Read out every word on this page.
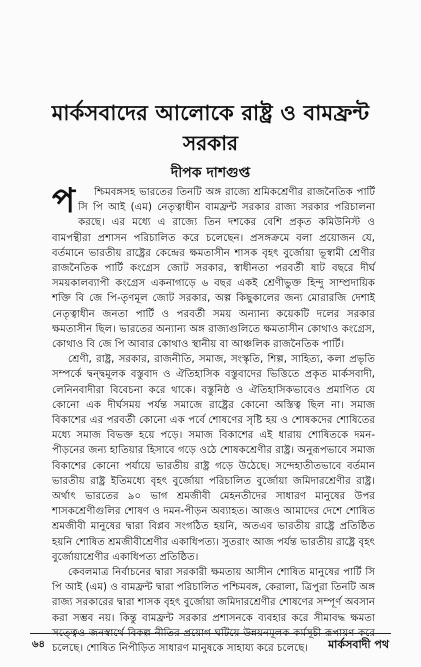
মার্কসবাদের আলোকে রাষ্ট্র ও বামফ্রন্ট
সরকার
দীপক দাশগুপ্ত

প শ্চিমবঙ্গসহ ভারতের তিনটি অঙ্গ রাজ্যে শ্রমিকশ্রেণীর রাজনৈতিক পার্টি সি পি আই (এম) নেতৃত্বাধীন বামফ্রন্ট সরকার রাজ্য সরকার পরিচালনা করছে। এর মধ্যে এ রাজ্যে তিন দশকের বেশি প্রকৃত কমিউনিস্ট ও বামপন্থীরা প্রশাসন পরিচালিত করে চলেছেন। প্রসঙ্গক্রমে বলা প্রয়োজন যে, বর্তমানে ভারতীয় রাষ্ট্রের কেন্দ্রের ক্ষমতাসীন শাসক বৃহৎ বুর্জোয়া ভূস্বামী শ্রেণীর রাজনৈতিক পার্টি কংগ্রেস জোট সরকার, স্বাধীনতা পরবর্তী ষাট বছরে দীর্ঘ সময়কালব্যাপী কংগ্রেস একনাগাড়ে ৬ বছর একই শ্রেণীভুক্ত হিন্দু সাম্প্রদায়িক শক্তি বি জে পি-তৃণমূল জোট সরকার, অল্প কিছুকালের জন্য মোরারজি দেশাই নেতৃত্বাধীন জনতা পার্টি ও পরবর্তী সময় অন্যান্য কয়েকটি দলের সরকার ক্ষমতাসীন ছিল। ভারতের অন্যান্য অঙ্গ রাজ্যগুলিতে ক্ষমতাসীন কোথাও কংগ্রেস, কোথাও বি জে পি আবার কোথাও স্থানীয় বা আঞ্চলিক রাজনৈতিক পার্টি।

শ্রেণী, রাষ্ট্র, সরকার, রাজনীতি, সমাজ, সংস্কৃতি, শিল্প, সাহিত্য, কলা প্রভৃতি সম্পর্কে দ্বন্দ্বমূলক বস্তুবাদ ও ঐতিহাসিক বস্তুবাদের ভিত্তিতে প্রকৃত মার্কসবাদী, লেনিনবাদীরা বিবেচনা করে থাকে। বস্তুনিষ্ঠ ও ঐতিহাসিকভাবেও প্রমাণিত যে কোনো এক দীর্ঘসময় পর্যন্ত সমাজে রাষ্ট্রের কোনো অস্তিত্ব ছিল না। সমাজ বিকাশের এর পরবর্তী কোনো এক পর্বে শোষণের সৃষ্টি হয় ও শোষকদের শোষিতের মধ্যে সমাজ বিভক্ত হয়ে পড়ে। সমাজ বিকাশের এই ধারায় শোষিতকে দমন-পীড়নের জন্য হাতিয়ার হিসাবে গড়ে ওঠে শোষকশ্রেণীর রাষ্ট্র। অনুরূপভাবে সমাজ বিকাশের কোনো পর্যায়ে ভারতীয় রাষ্ট্র গড়ে উঠেছে। সন্দেহাতীতভাবে বর্তমান ভারতীয় রাষ্ট্র ইতিমধ্যে বৃহৎ বুর্জোয়া পরিচালিত বুর্জোয়া জমিদারশ্রেণীর রাষ্ট্র। অর্থাৎ ভারতের ৯০ ভাগ শ্রমজীবী মেহনতীদের সাধারণ মানুষের উপর শাসকশ্রেণীগুলির শোষণ ও দমন-পীড়ন অব্যাহত। আজও আমাদের দেশে শোষিত শ্রমজীবী মানুষের দ্বারা বিপ্লব সংগঠিত হয়নি, অতএব ভারতীয় রাষ্ট্রে প্রতিষ্ঠিত হয়নি শোষিত শ্রমজীবীশ্রেণীর একাধিপত্য। সুতরাং আজ পর্যন্ত ভারতীয় রাষ্ট্রে বৃহৎ বুর্জোয়াশ্রেণীর একাধিপত্য প্রতিষ্ঠিত।

কেবলমাত্র নির্বাচনের দ্বারা সরকারী ক্ষমতায় আসীন শোষিত মানুষের পার্টি সি পি আই (এম) ও বামফ্রন্ট দ্বারা পরিচালিত পশ্চিমবঙ্গ, কেরালা, ত্রিপুরা তিনটি অঙ্গ রাজ্য সরকারের দ্বারা শাসক বৃহৎ বুর্জোয়া জমিদারশ্রেণীর শোষণের সম্পূর্ণ অবসান করা সম্ভব নয়। কিন্তু বামফ্রন্ট সরকার প্রশাসনকে ব্যবহার করে সীমাবদ্ধ ক্ষমতা সত্ত্বেও জনস্বার্থে বিকল্প নীতির প্রয়োগ ঘটিয়ে উন্নয়নমূলক কর্মসূচী রূপায়ণ করে চলেছে। শোষিত নিপীড়িত সাধারণ মানুষকে সাহায্য করে চলেছে।

৬৪	মার্কসবাদী পথ
